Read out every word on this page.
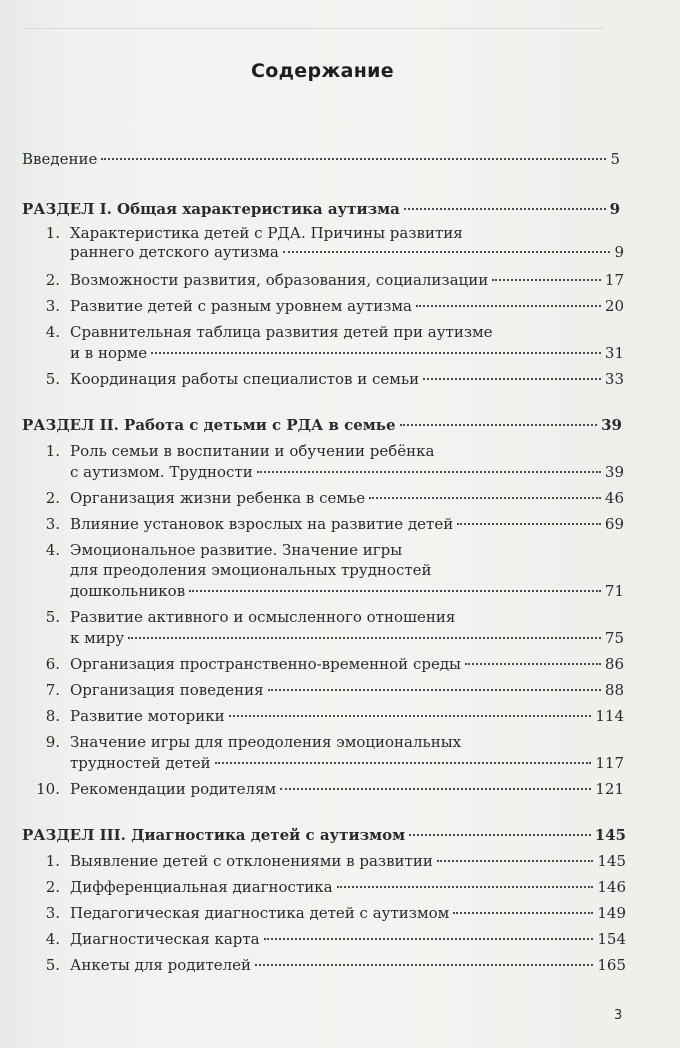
Содержание
Введение	5
РАЗДЕЛ I. Общая характеристика аутизма	9
1. Характеристика детей с РДА. Причины развития
раннего детского аутизма	9
2. Возможности развития, образования, социализации	17
3. Развитие детей с разным уровнем аутизма	20
4. Сравнительная таблица развития детей при аутизме
и в норме	31
5. Координация работы специалистов и семьи	33
РАЗДЕЛ II. Работа с детьми с РДА в семье	39
1. Роль семьи в воспитании и обучении ребёнка
с аутизмом. Трудности	39
2. Организация жизни ребенка в семье	46
3. Влияние установок взрослых на развитие детей	69
4. Эмоциональное развитие. Значение игры
для преодоления эмоциональных трудностей
дошкольников	71
5. Развитие активного и осмысленного отношения
к миру	75
6. Организация пространственно-временной среды	86
7. Организация поведения	88
8. Развитие моторики	114
9. Значение игры для преодоления эмоциональных
трудностей детей	117
10. Рекомендации родителям	121
РАЗДЕЛ III. Диагностика детей с аутизмом	145
1. Выявление детей с отклонениями в развитии	145
2. Дифференциальная диагностика	146
3. Педагогическая диагностика детей с аутизмом	149
4. Диагностическая карта	154
5. Анкеты для родителей	165
3
